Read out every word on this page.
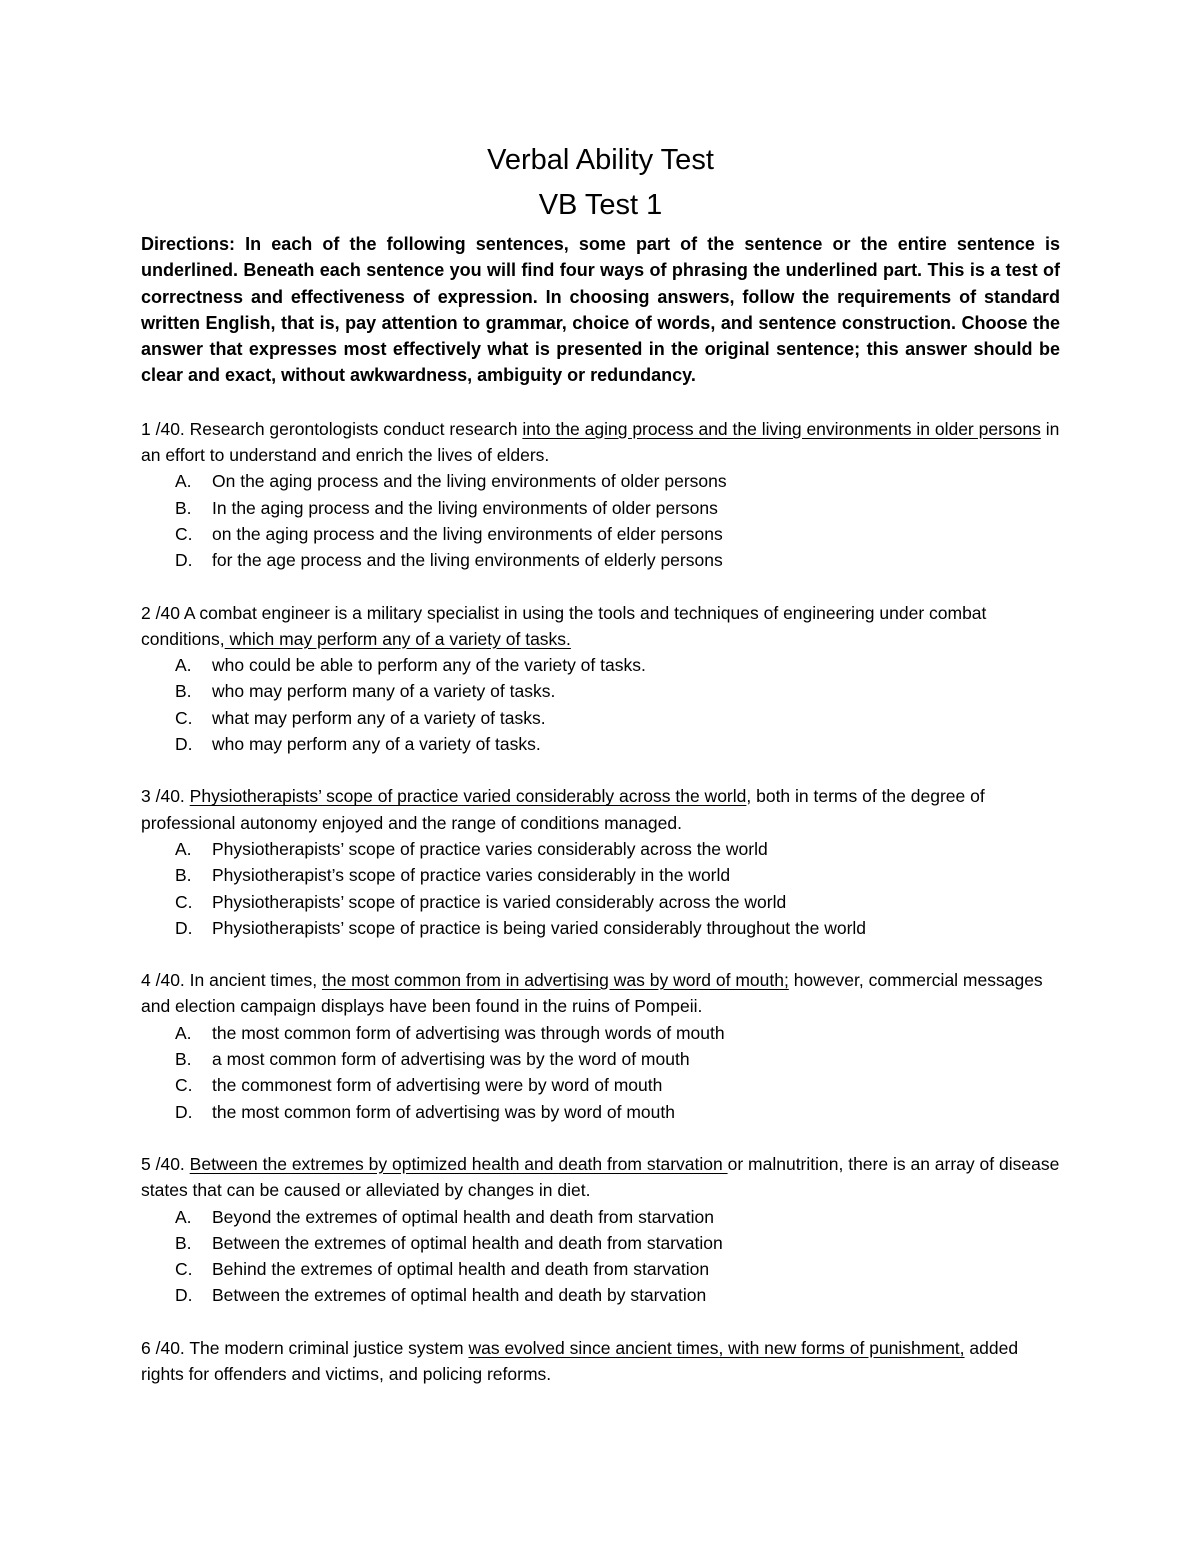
Verbal Ability Test
VB Test 1

Directions: In each of the following sentences, some part of the sentence or the entire sentence is underlined. Beneath each sentence you will find four ways of phrasing the underlined part. This is a test of correctness and effectiveness of expression. In choosing answers, follow the requirements of standard written English, that is, pay attention to grammar, choice of words, and sentence construction. Choose the answer that expresses most effectively what is presented in the original sentence; this answer should be clear and exact, without awkwardness, ambiguity or redundancy.

1 /40. Research gerontologists conduct research into the aging process and the living environments in older persons in an effort to understand and enrich the lives of elders.

A.	On the aging process and the living environments of older persons
B.	In the aging process and the living environments of older persons
C.	on the aging process and the living environments of elder persons
D.	for the age process and the living environments of elderly persons

2 /40 A combat engineer is a military specialist in using the tools and techniques of engineering under combat conditions, which may perform any of a variety of tasks.

A.	who could be able to perform any of the variety of tasks.
B.	who may perform many of a variety of tasks.
C.	what may perform any of a variety of tasks.
D.	who may perform any of a variety of tasks.

3 /40. Physiotherapists’ scope of practice varied considerably across the world, both in terms of the degree of professional autonomy enjoyed and the range of conditions managed.

A.	Physiotherapists’ scope of practice varies considerably across the world
B.	Physiotherapist’s scope of practice varies considerably in the world
C.	Physiotherapists’ scope of practice is varied considerably across the world
D.	Physiotherapists’ scope of practice is being varied considerably throughout the world

4 /40. In ancient times, the most common from in advertising was by word of mouth; however, commercial messages and election campaign displays have been found in the ruins of Pompeii.

A.	the most common form of advertising was through words of mouth
B.	a most common form of advertising was by the word of mouth
C.	the commonest form of advertising were by word of mouth
D.	the most common form of advertising was by word of mouth

5 /40. Between the extremes by optimized health and death from starvation or malnutrition, there is an array of disease states that can be caused or alleviated by changes in diet.

A.	Beyond the extremes of optimal health and death from starvation
B.	Between the extremes of optimal health and death from starvation
C.	Behind the extremes of optimal health and death from starvation
D.	Between the extremes of optimal health and death by starvation

6 /40. The modern criminal justice system was evolved since ancient times, with new forms of punishment, added rights for offenders and victims, and policing reforms.
